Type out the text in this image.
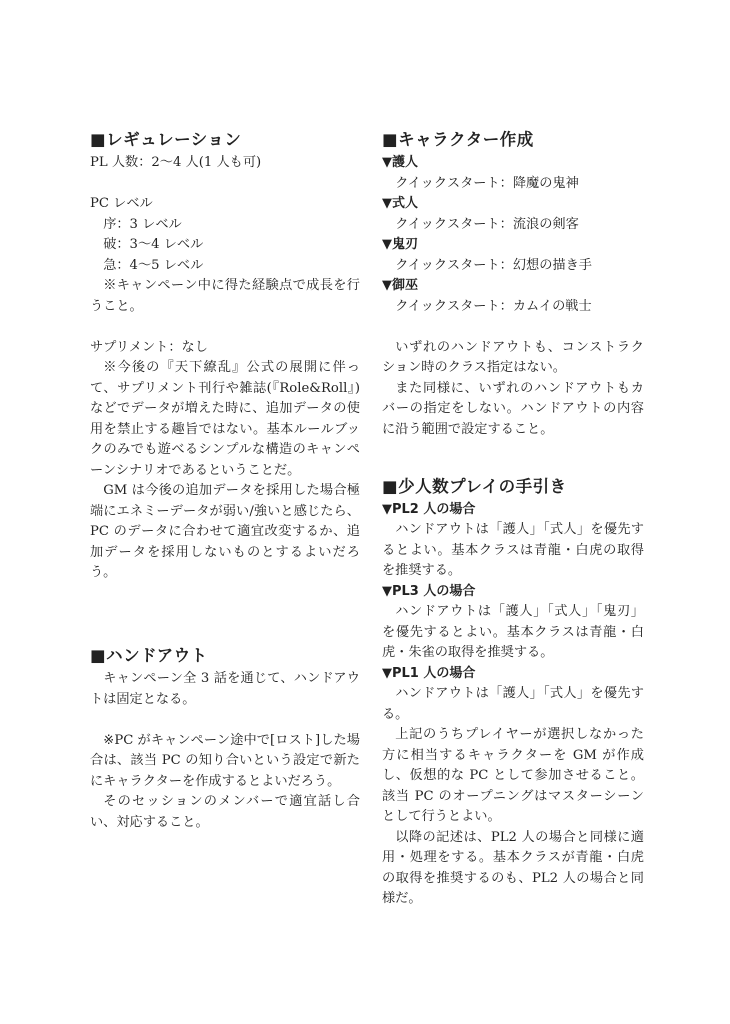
■レギュレーション

PL 人数：2〜4 人(1 人も可)

PC レベル

序：3 レベル

破：3〜4 レベル

急：4〜5 レベル

※キャンペーン中に得た経験点で成長を行うこと。

サプリメント：なし

※今後の『天下繚乱』公式の展開に伴って、サプリメント刊行や雑誌(『Role&Roll』)などでデータが増えた時に、追加データの使用を禁止する趣旨ではない。基本ルールブックのみでも遊べるシンプルな構造のキャンペーンシナリオであるということだ。

GM は今後の追加データを採用した場合極端にエネミーデータが弱い/強いと感じたら、PC のデータに合わせて適宜改変するか、追加データを採用しないものとするよいだろう。

■ハンドアウト

キャンペーン全 3 話を通じて、ハンドアウトは固定となる。

※PC がキャンペーン途中で[ロスト]した場合は、該当 PC の知り合いという設定で新たにキャラクターを作成するとよいだろう。

そのセッションのメンバーで適宜話し合い、対応すること。

■キャラクター作成

▼護人

クイックスタート：降魔の鬼神

▼式人

クイックスタート：流浪の剣客

▼鬼刃

クイックスタート：幻想の描き手

▼御巫

クイックスタート：カムイの戦士

いずれのハンドアウトも、コンストラクション時のクラス指定はない。

また同様に、いずれのハンドアウトもカバーの指定をしない。ハンドアウトの内容に沿う範囲で設定すること。

■少人数プレイの手引き

▼PL2 人の場合

ハンドアウトは「護人」「式人」を優先するとよい。基本クラスは青龍・白虎の取得を推奨する。

▼PL3 人の場合

ハンドアウトは「護人」「式人」「鬼刃」を優先するとよい。基本クラスは青龍・白虎・朱雀の取得を推奨する。

▼PL1 人の場合

ハンドアウトは「護人」「式人」を優先する。

上記のうちプレイヤーが選択しなかった方に相当するキャラクターを GM が作成し、仮想的な PC として参加させること。該当 PC のオープニングはマスターシーンとして行うとよい。

以降の記述は、PL2 人の場合と同様に適用・処理をする。基本クラスが青龍・白虎の取得を推奨するのも、PL2 人の場合と同様だ。
